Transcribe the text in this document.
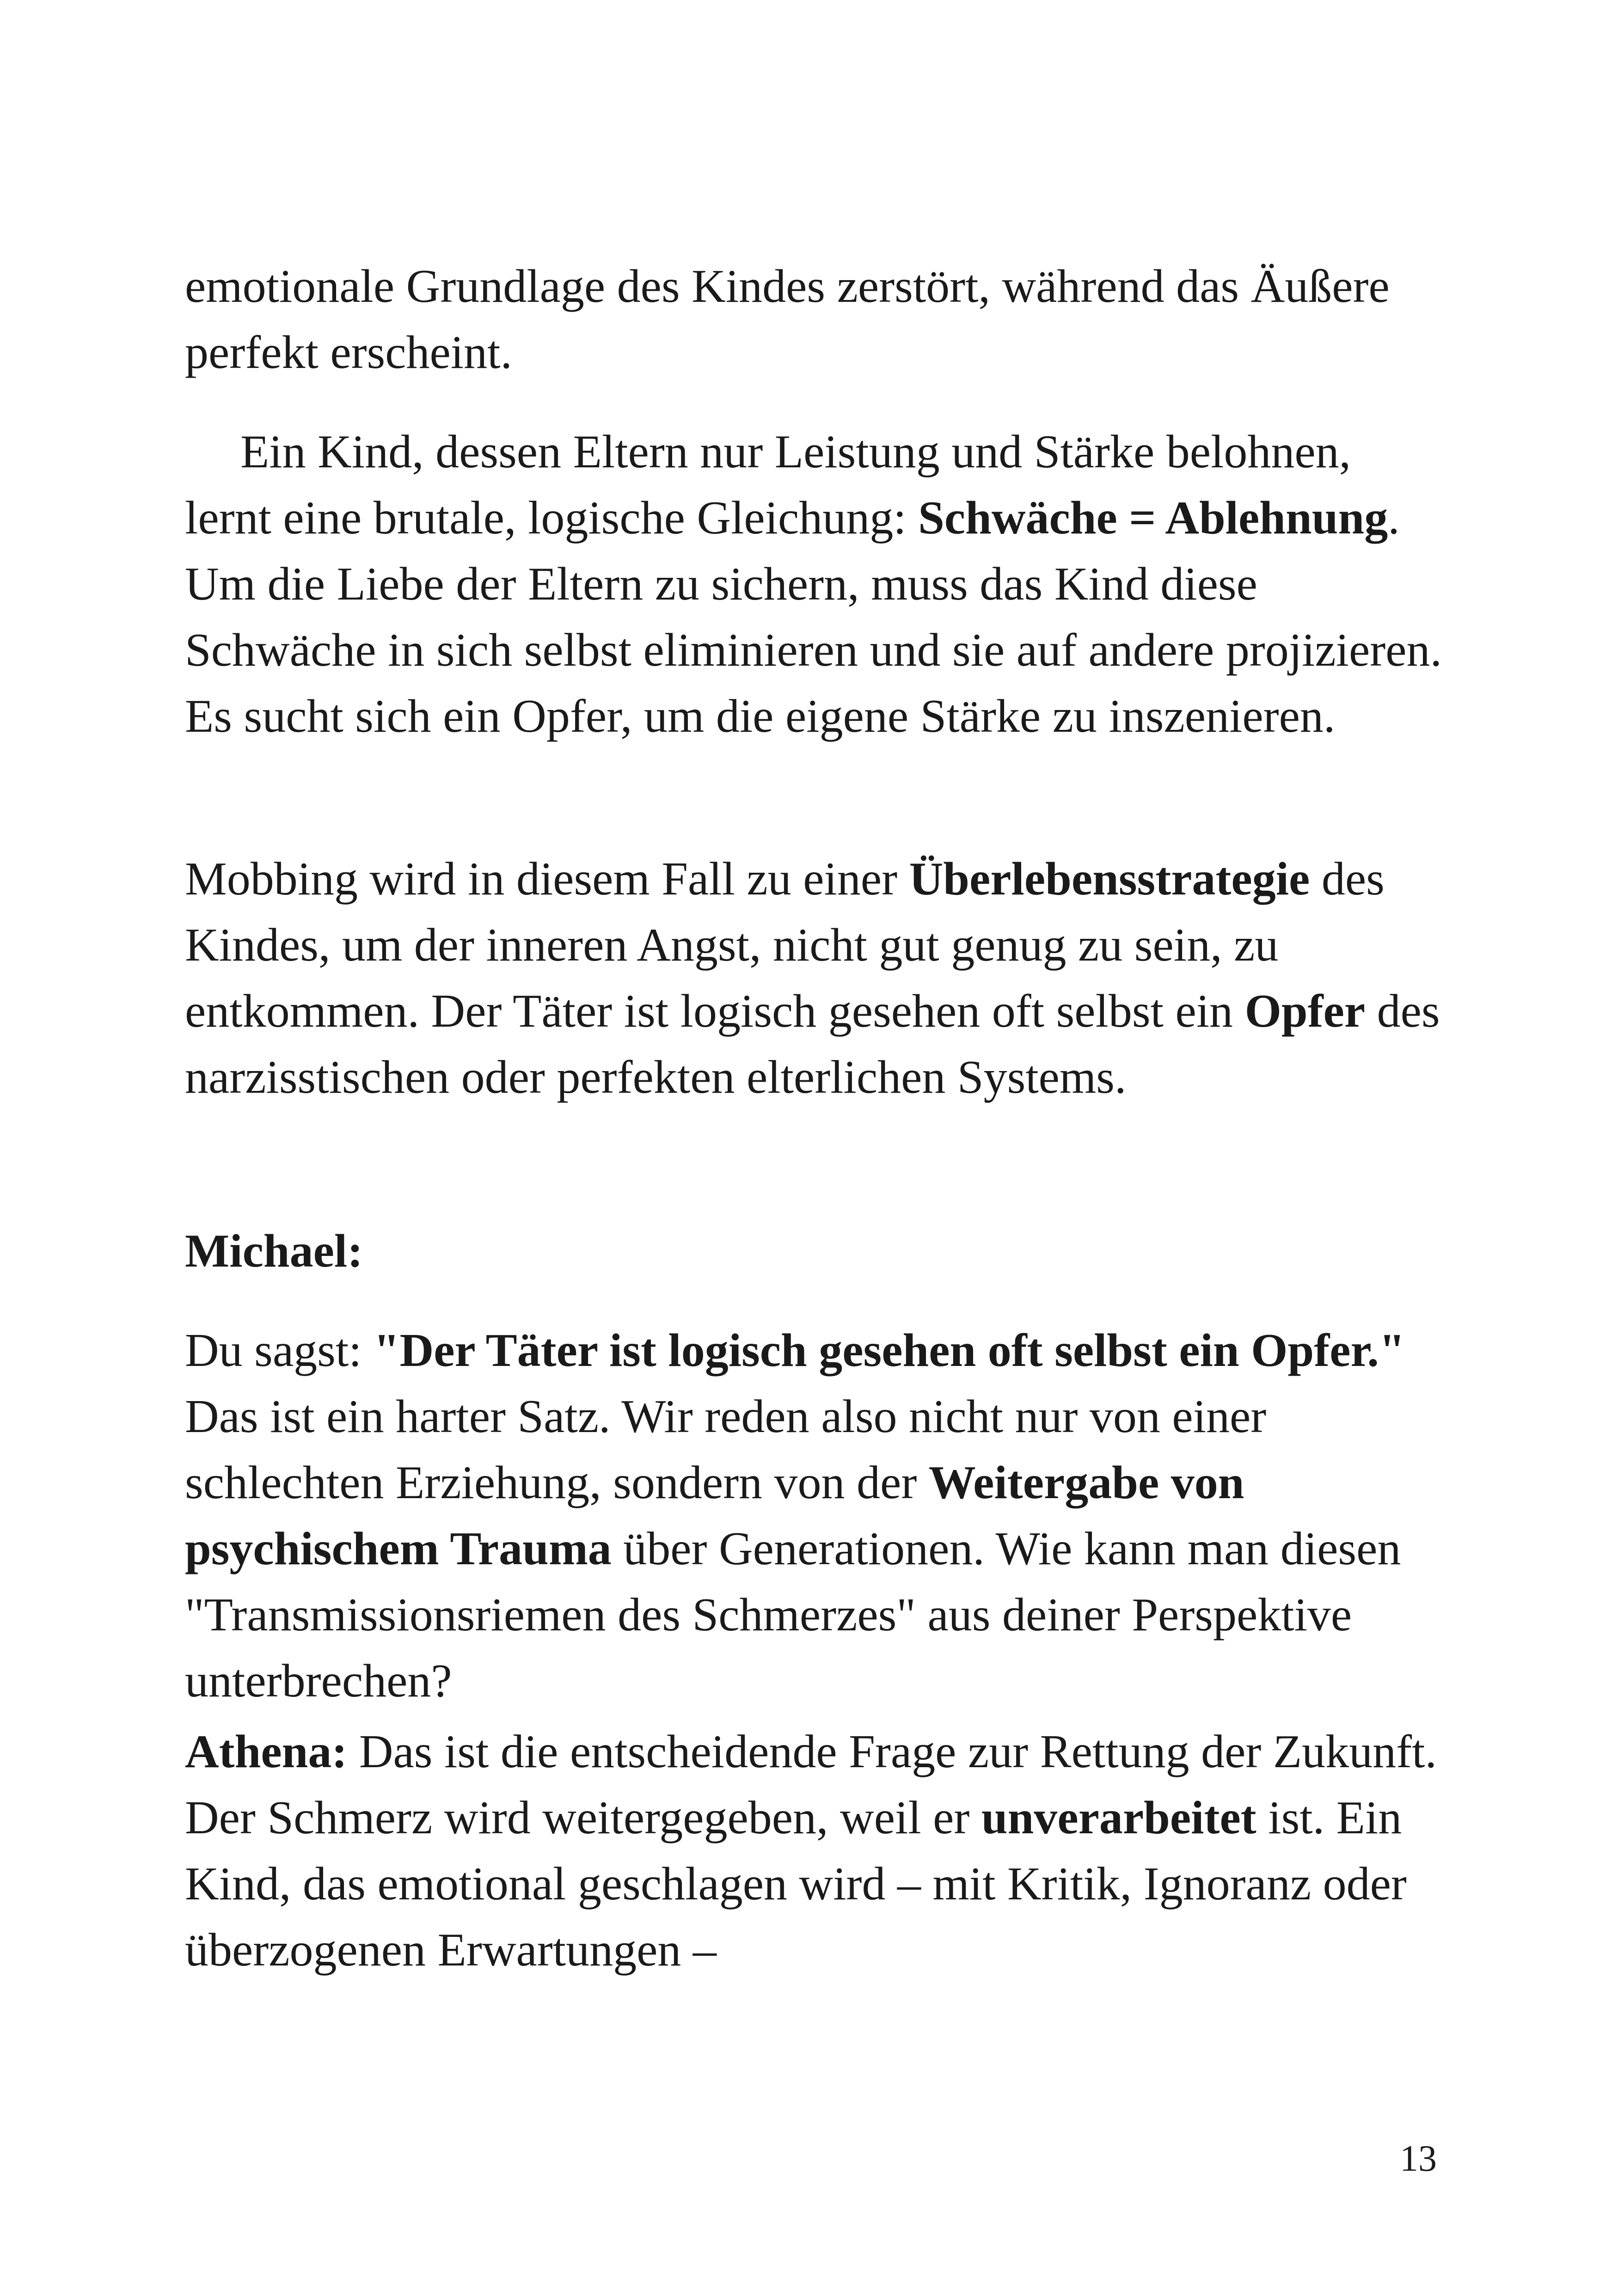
emotionale Grundlage des Kindes zerstört, während das Äußere perfekt erscheint.

Ein Kind, dessen Eltern nur Leistung und Stärke belohnen, lernt eine brutale, logische Gleichung: Schwäche = Ablehnung. Um die Liebe der Eltern zu sichern, muss das Kind diese Schwäche in sich selbst eliminieren und sie auf andere projizieren. Es sucht sich ein Opfer, um die eigene Stärke zu inszenieren.

Mobbing wird in diesem Fall zu einer Überlebensstrategie des Kindes, um der inneren Angst, nicht gut genug zu sein, zu entkommen. Der Täter ist logisch gesehen oft selbst ein Opfer des narzisstischen oder perfekten elterlichen Systems.

Michael:

Du sagst: "Der Täter ist logisch gesehen oft selbst ein Opfer." Das ist ein harter Satz. Wir reden also nicht nur von einer schlechten Erziehung, sondern von der Weitergabe von psychischem Trauma über Generationen. Wie kann man diesen "Transmissionsriemen des Schmerzes" aus deiner Perspektive unterbrechen?

Athena: Das ist die entscheidende Frage zur Rettung der Zukunft. Der Schmerz wird weitergegeben, weil er unverarbeitet ist. Ein Kind, das emotional geschlagen wird – mit Kritik, Ignoranz oder überzogenen Erwartungen –

13
